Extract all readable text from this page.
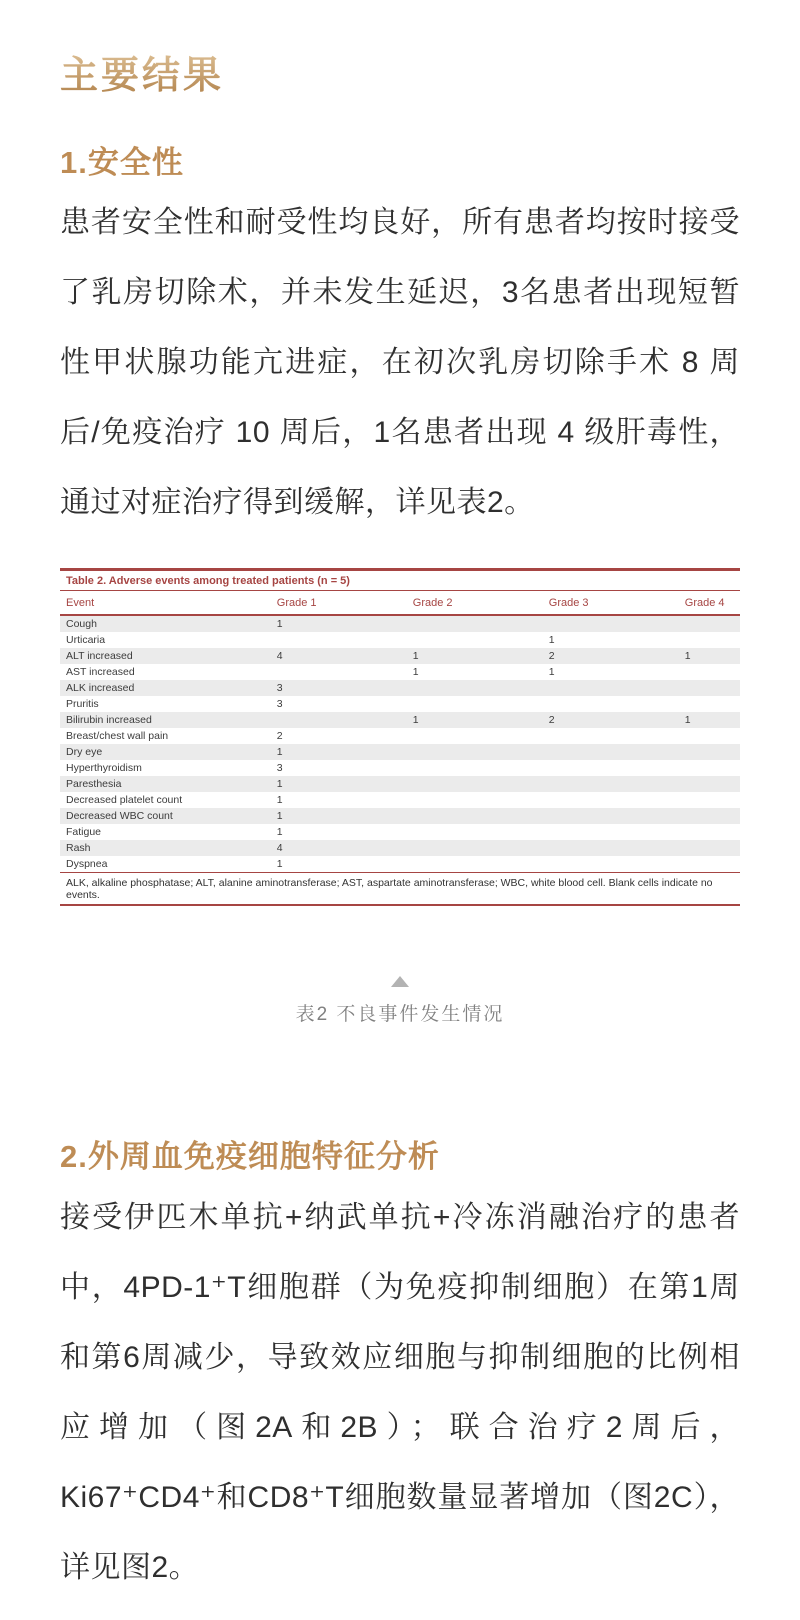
主要结果
1.安全性

患者安全性和耐受性均良好，所有患者均按时接受了乳房切除术，并未发生延迟，3名患者出现短暂性甲状腺功能亢进症，在初次乳房切除手术 8 周后/免疫治疗 10 周后，1名患者出现 4 级肝毒性，通过对症治疗得到缓解，详见表2。

Table 2. Adverse events among treated patients (n = 5)
Event	Grade 1	Grade 2	Grade 3	Grade 4
Cough	1			
Urticaria			1	
ALT increased	4	1	2	1
AST increased		1	1	
ALK increased	3			
Pruritis	3			
Bilirubin increased		1	2	1
Breast/chest wall pain	2			
Dry eye	1			
Hyperthyroidism	3			
Paresthesia	1			
Decreased platelet count	1			
Decreased WBC count	1			
Fatigue	1			
Rash	4			
Dyspnea	1			
ALK, alkaline phosphatase; ALT, alanine aminotransferase; AST, aspartate aminotransferase; WBC, white blood cell. Blank cells indicate no events.
表2 不良事件发生情况
2.外周血免疫细胞特征分析

接受伊匹木单抗+纳武单抗+冷冻消融治疗的患者中，4PD-1⁺T细胞群（为免疫抑制细胞）在第1周和第6周减少，导致效应细胞与抑制细胞的比例相应增加（图2A和2B）；联合治疗2周后，Ki67⁺CD4⁺和CD8⁺T细胞数量显著增加（图2C），详见图2。
